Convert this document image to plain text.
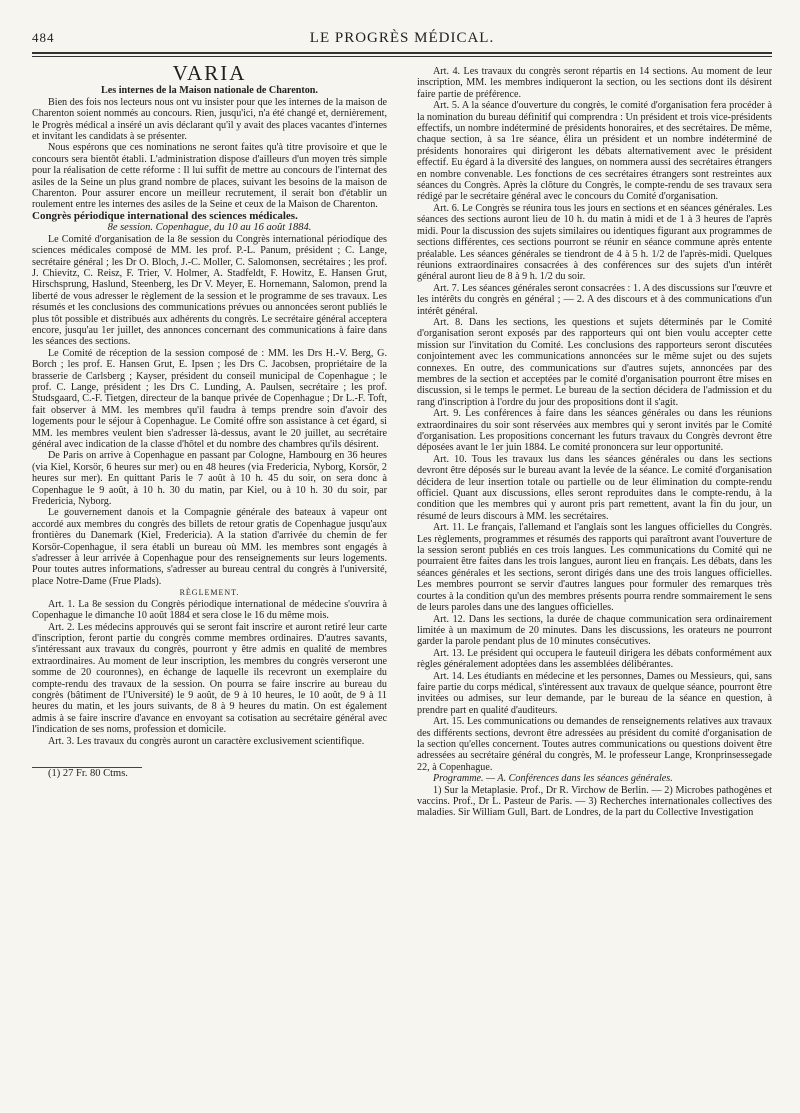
484	LE PROGRÈS MÉDICAL.
VARIA

Les internes de la Maison nationale de Charenton.

Bien des fois nos lecteurs nous ont vu insister pour que les internes de la maison de Charenton soient nommés au concours. Rien, jusqu'ici, n'a été changé et, dernièrement, le Progrès médical a inséré un avis déclarant qu'il y avait des places vacantes d'internes et invitant les candidats à se présenter.

Nous espérons que ces nominations ne seront faites qu'à titre provisoire et que le concours sera bientôt établi. L'administration dispose d'ailleurs d'un moyen très simple pour la réalisation de cette réforme : Il lui suffit de mettre au concours de l'internat des asiles de la Seine un plus grand nombre de places, suivant les besoins de la maison de Charenton. Pour assurer encore un meilleur recrutement, il serait bon d'établir un roulement entre les internes des asiles de la Seine et ceux de la Maison de Charenton.

Congrès périodique international des sciences médicales.

8e session. Copenhague, du 10 au 16 août 1884.

Le Comité d'organisation de la 8e session du Congrès international périodique des sciences médicales composé de MM. les prof. P.-L. Panum, président ; C. Lange, secrétaire général ; les Dr O. Bloch, J.-C. Moller, C. Salomonsen, secrétaires ; les prof. J. Chievitz, C. Reisz, F. Trier, V. Holmer, A. Stadfeldt, F. Howitz, E. Hansen Grut, Hirschsprung, Haslund, Steenberg, les Dr V. Meyer, E. Hornemann, Salomon, prend la liberté de vous adresser le règlement de la session et le programme de ses travaux. Les résumés et les conclusions des communications prévues ou annoncées seront publiés le plus tôt possible et distribués aux adhérents du congrès. Le secrétaire général acceptera encore, jusqu'au 1er juillet, des annonces concernant des communications à faire dans les séances des sections.

Le Comité de réception de la session composé de : MM. les Drs H.-V. Berg, G. Borch ; les prof. E. Hansen Grut, E. Ipsen ; les Drs C. Jacobsen, propriétaire de la brasserie de Carlsberg ; Kayser, président du conseil municipal de Copenhague ; le prof. C. Lange, président ; les Drs C. Lunding, A. Paulsen, secrétaire ; les prof. Studsgaard, C.-F. Tietgen, directeur de la banque privée de Copenhague ; Dr L.-F. Toft, fait observer à MM. les membres qu'il faudra à temps prendre soin d'avoir des logements pour le séjour à Copenhague. Le Comité offre son assistance à cet égard, si MM. les membres veulent bien s'adresser là-dessus, avant le 20 juillet, au secrétaire général avec indication de la classe d'hôtel et du nombre des chambres qu'ils désirent.

De Paris on arrive à Copenhague en passant par Cologne, Hambourg en 36 heures (via Kiel, Korsör, 6 heures sur mer) ou en 48 heures (via Fredericia, Nyborg, Korsör, 2 heures sur mer). En quittant Paris le 7 août à 10 h. 45 du soir, on sera donc à Copenhague le 9 août, à 10 h. 30 du matin, par Kiel, ou à 10 h. 30 du soir, par Fredericia, Nyborg.

Le gouvernement danois et la Compagnie générale des bateaux à vapeur ont accordé aux membres du congrès des billets de retour gratis de Copenhague jusqu'aux frontières du Danemark (Kiel, Fredericia). A la station d'arrivée du chemin de fer Korsör-Copenhague, il sera établi un bureau où MM. les membres sont engagés à s'adresser à leur arrivée à Copenhague pour des renseignements sur leurs logements. Pour toutes autres informations, s'adresser au bureau central du congrès à l'université, place Notre-Dame (Frue Plads).

RÈGLEMENT.

Art. 1. La 8e session du Congrès périodique international de médecine s'ouvrira à Copenhague le dimanche 10 août 1884 et sera close le 16 du même mois.

Art. 2. Les médecins approuvés qui se seront fait inscrire et auront retiré leur carte d'inscription, feront partie du congrès comme membres ordinaires. D'autres savants, s'intéressant aux travaux du congrès, pourront y être admis en qualité de membres extraordinaires. Au moment de leur inscription, les membres du congrès verseront une somme de 20 couronnes), en échange de laquelle ils recevront un exemplaire du compte-rendu des travaux de la session. On pourra se faire inscrire au bureau du congrès (bâtiment de l'Université) le 9 août, de 9 à 10 heures, le 10 août, de 9 à 11 heures du matin, et les jours suivants, de 8 à 9 heures du matin. On est également admis à se faire inscrire d'avance en envoyant sa cotisation au secrétaire général avec l'indication de ses noms, profession et domicile.

Art. 3. Les travaux du congrès auront un caractère exclusivement scientifique.

(1) 27 Fr. 80 Ctms.

Art. 4. Les travaux du congrès seront répartis en 14 sections. Au moment de leur inscription, MM. les membres indiqueront la section, ou les sections dont ils désirent faire partie de préférence.

Art. 5. A la séance d'ouverture du congrès, le comité d'organisation fera procéder à la nomination du bureau définitif qui comprendra : Un président et trois vice-présidents effectifs, un nombre indéterminé de présidents honoraires, et des secrétaires. De même, chaque section, à sa 1re séance, élira un président et un nombre indéterminé de présidents honoraires qui dirigeront les débats alternativement avec le président effectif. Eu égard à la diversité des langues, on nommera aussi des secrétaires étrangers en nombre convenable. Les fonctions de ces secrétaires étrangers sont restreintes aux séances du Congrès. Après la clôture du Congrès, le compte-rendu de ses travaux sera rédigé par le secrétaire général avec le concours du Comité d'organisation.

Art. 6. Le Congrès se réunira tous les jours en sections et en séances générales. Les séances des sections auront lieu de 10 h. du matin à midi et de 1 à 3 heures de l'après midi. Pour la discussion des sujets similaires ou identiques figurant aux programmes de sections différentes, ces sections pourront se réunir en séance commune après entente préalable. Les séances générales se tiendront de 4 à 5 h. 1/2 de l'après-midi. Quelques réunions extraordinaires consacrées à des conférences sur des sujets d'un intérêt général auront lieu de 8 à 9 h. 1/2 du soir.

Art. 7. Les séances générales seront consacrées : 1. A des discussions sur l'œuvre et les intérêts du congrès en général ; — 2. A des discours et à des communications d'un intérêt général.

Art. 8. Dans les sections, les questions et sujets déterminés par le Comité d'organisation seront exposés par des rapporteurs qui ont bien voulu accepter cette mission sur l'invitation du Comité. Les conclusions des rapporteurs seront discutées conjointement avec les communications annoncées sur le même sujet ou des sujets connexes. En outre, des communications sur d'autres sujets, annoncées par des membres de la section et acceptées par le comité d'organisation pourront être mises en discussion, si le temps le permet. Le bureau de la section décidera de l'admission et du rang d'inscription à l'ordre du jour des propositions dont il s'agit.

Art. 9. Les conférences à faire dans les séances générales ou dans les réunions extraordinaires du soir sont réservées aux membres qui y seront invités par le Comité d'organisation. Les propositions concernant les futurs travaux du Congrès devront être déposées avant le 1er juin 1884. Le comité prononcera sur leur opportunité.

Art. 10. Tous les travaux lus dans les séances générales ou dans les sections devront être déposés sur le bureau avant la levée de la séance. Le comité d'organisation décidera de leur insertion totale ou partielle ou de leur élimination du compte-rendu officiel. Quant aux discussions, elles seront reproduites dans le compte-rendu, à la condition que les membres qui y auront pris part remettent, avant la fin du jour, un résumé de leurs discours à MM. les secrétaires.

Art. 11. Le français, l'allemand et l'anglais sont les langues officielles du Congrès. Les règlements, programmes et résumés des rapports qui paraîtront avant l'ouverture de la session seront publiés en ces trois langues. Les communications du Comité qui ne pourraient être faites dans les trois langues, auront lieu en français. Les débats, dans les séances générales et les sections, seront dirigés dans une des trois langues officielles. Les membres pourront se servir d'autres langues pour formuler des remarques très courtes à la condition qu'un des membres présents pourra rendre sommairement le sens de leurs paroles dans une des langues officielles.

Art. 12. Dans les sections, la durée de chaque communication sera ordinairement limitée à un maximum de 20 minutes. Dans les discussions, les orateurs ne pourront garder la parole pendant plus de 10 minutes consécutives.

Art. 13. Le président qui occupera le fauteuil dirigera les débats conformément aux règles généralement adoptées dans les assemblées délibérantes.

Art. 14. Les étudiants en médecine et les personnes, Dames ou Messieurs, qui, sans faire partie du corps médical, s'intéressent aux travaux de quelque séance, pourront être invitées ou admises, sur leur demande, par le bureau de la séance en question, à prendre part en qualité d'auditeurs.

Art. 15. Les communications ou demandes de renseignements relatives aux travaux des différents sections, devront être adressées au président du comité d'organisation de la section qu'elles concernent. Toutes autres communications ou questions doivent être adressées au secrétaire général du congrès, M. le professeur Lange, Kronprinsessegade 22, à Copenhague.

Programme. — A. Conférences dans les séances générales.

1) Sur la Metaplasie. Prof., Dr R. Virchow de Berlin. — 2) Microbes pathogènes et vaccins. Prof., Dr L. Pasteur de Paris. — 3) Recherches internationales collectives des maladies. Sir William Gull, Bart. de Londres, de la part du Collective Investigation
